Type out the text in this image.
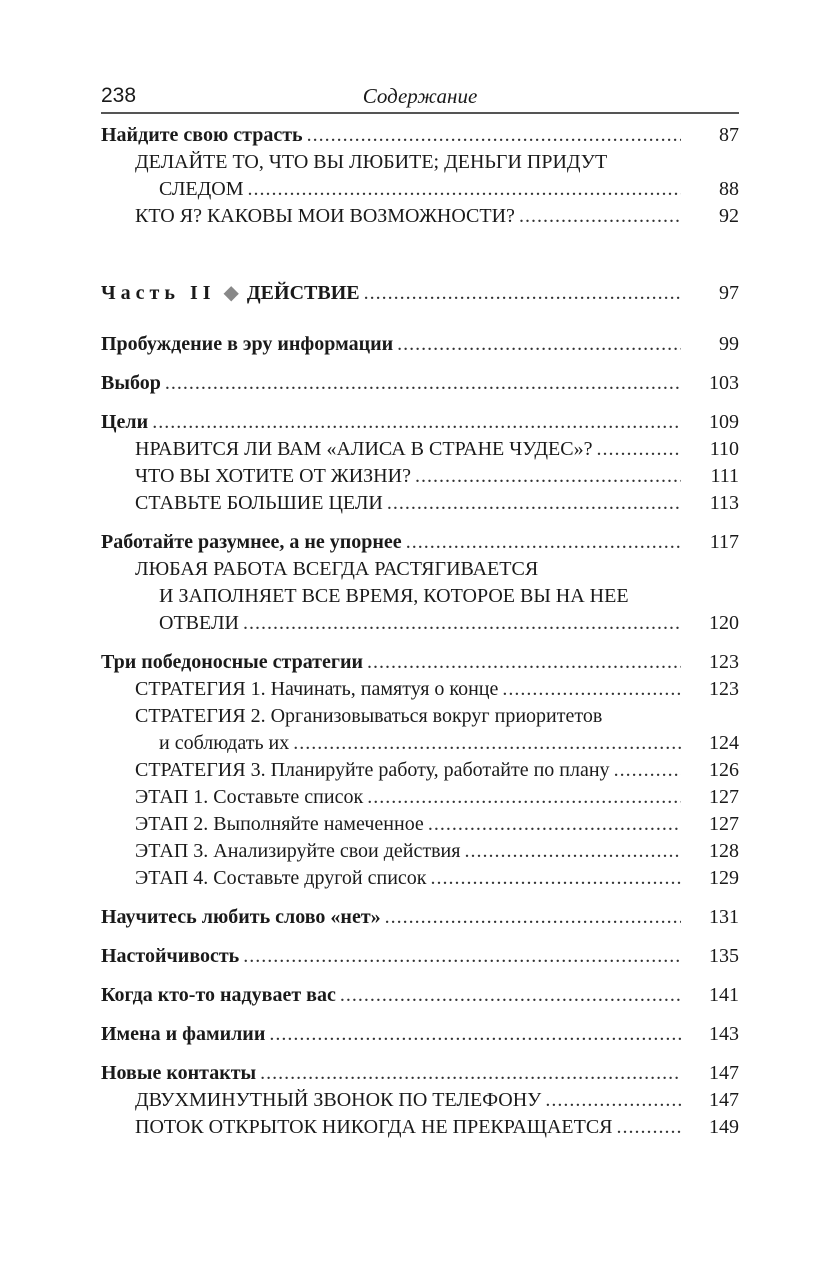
238	Содержание
Найдите свою страсть .....	87
ДЕЛАЙТЕ ТО, ЧТО ВЫ ЛЮБИТЕ; ДЕНЬГИ ПРИДУТ
СЛЕДОМ .....	88
КТО Я? КАКОВЫ МОИ ВОЗМОЖНОСТИ? .....	92
Часть II ◆ ДЕЙСТВИЕ .....	97
Пробуждение в эру информации .....	99
Выбор .....	103
Цели .....	109
НРАВИТСЯ ЛИ ВАМ «АЛИСА В СТРАНЕ ЧУДЕС»? .....	110
ЧТО ВЫ ХОТИТЕ ОТ ЖИЗНИ? .....	111
СТАВЬТЕ БОЛЬШИЕ ЦЕЛИ .....	113
Работайте разумнее, а не упорнее .....	117
ЛЮБАЯ РАБОТА ВСЕГДА РАСТЯГИВАЕТСЯ
И ЗАПОЛНЯЕТ ВСЕ ВРЕМЯ, КОТОРОЕ ВЫ НА НЕЕ
ОТВЕЛИ .....	120
Три победоносные стратегии .....	123
СТРАТЕГИЯ 1. Начинать, памятуя о конце .....	123
СТРАТЕГИЯ 2. Организовываться вокруг приоритетов
и соблюдать их .....	124
СТРАТЕГИЯ 3. Планируйте работу, работайте по плану .....	126
ЭТАП 1. Составьте список .....	127
ЭТАП 2. Выполняйте намеченное .....	127
ЭТАП 3. Анализируйте свои действия .....	128
ЭТАП 4. Составьте другой список .....	129
Научитесь любить слово «нет» .....	131
Настойчивость .....	135
Когда кто-то надувает вас .....	141
Имена и фамилии .....	143
Новые контакты .....	147
ДВУХМИНУТНЫЙ ЗВОНОК ПО ТЕЛЕФОНУ .....	147
ПОТОК ОТКРЫТОК НИКОГДА НЕ ПРЕКРАЩАЕТСЯ .....	149
